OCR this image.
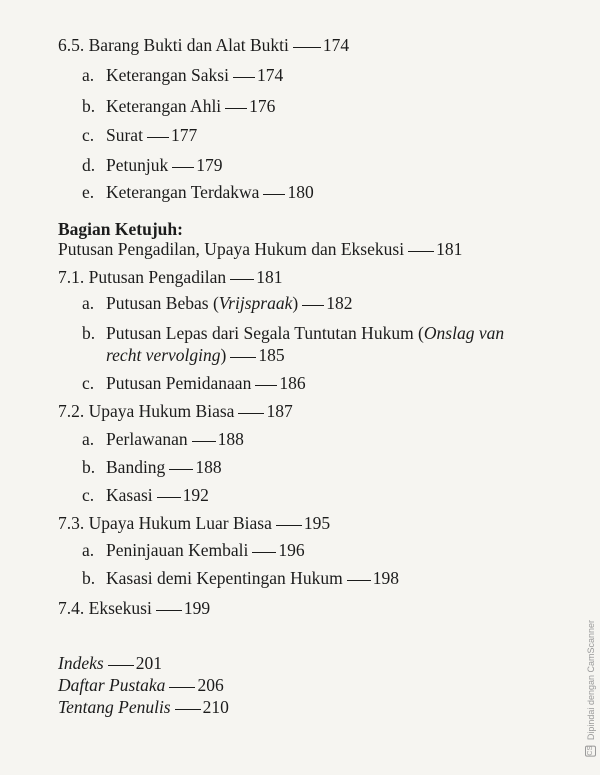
6.5. Barang Bukti dan Alat Bukti 174
a. Keterangan Saksi 174
b. Keterangan Ahli 176
c. Surat 177
d. Petunjuk 179
e. Keterangan Terdakwa 180
Bagian Ketujuh:
Putusan Pengadilan, Upaya Hukum dan Eksekusi 181
7.1. Putusan Pengadilan 181
a. Putusan Bebas (Vrijspraak) 182
b. Putusan Lepas dari Segala Tuntutan Hukum (Onslag van
recht vervolging) 185
c. Putusan Pemidanaan 186
7.2. Upaya Hukum Biasa 187
a. Perlawanan 188
b. Banding 188
c. Kasasi 192
7.3. Upaya Hukum Luar Biasa 195
a. Peninjauan Kembali 196
b. Kasasi demi Kepentingan Hukum 198
7.4. Eksekusi 199
Indeks 201
Daftar Pustaka 206
Tentang Penulis 210
CS Dipindai dengan CamScanner
